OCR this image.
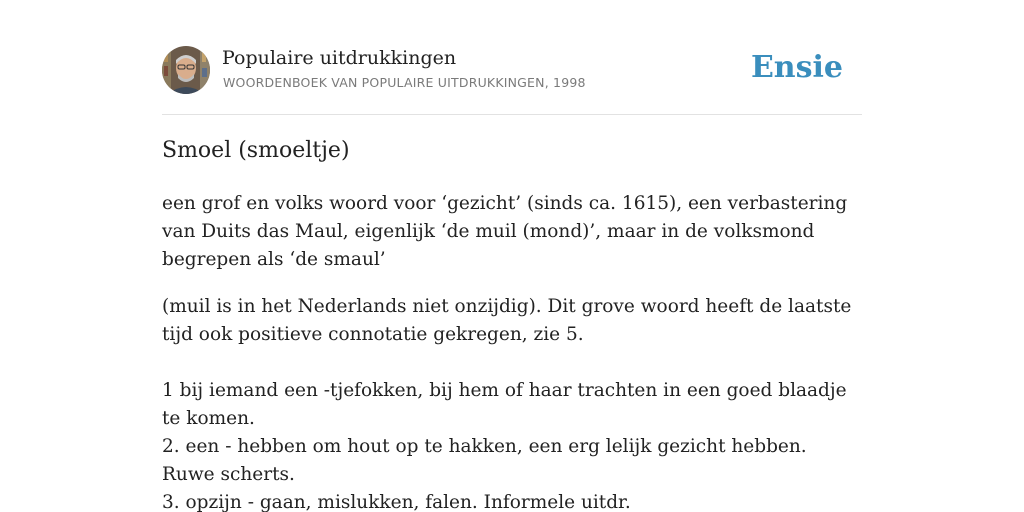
Populaire uitdrukkingen
WOORDENBOEK VAN POPULAIRE UITDRUKKINGEN, 1998	Ensie
Smoel (smoeltje)

een grof en volks woord voor ‘gezicht’ (sinds ca. 1615), een verbastering van Duits das Maul, eigenlijk ‘de muil (mond)’, maar in de volksmond begrepen als ‘de smaul’

(muil is in het Nederlands niet onzijdig). Dit grove woord heeft de laatste tijd ook positieve connotatie gekregen, zie 5.

1 bij iemand een -tjefokken, bij hem of haar trachten in een goed blaadje te komen.

2. een - hebben om hout op te hakken, een erg lelijk gezicht hebben. Ruwe scherts.

3. opzijn - gaan, mislukken, falen. Informele uitdr.
